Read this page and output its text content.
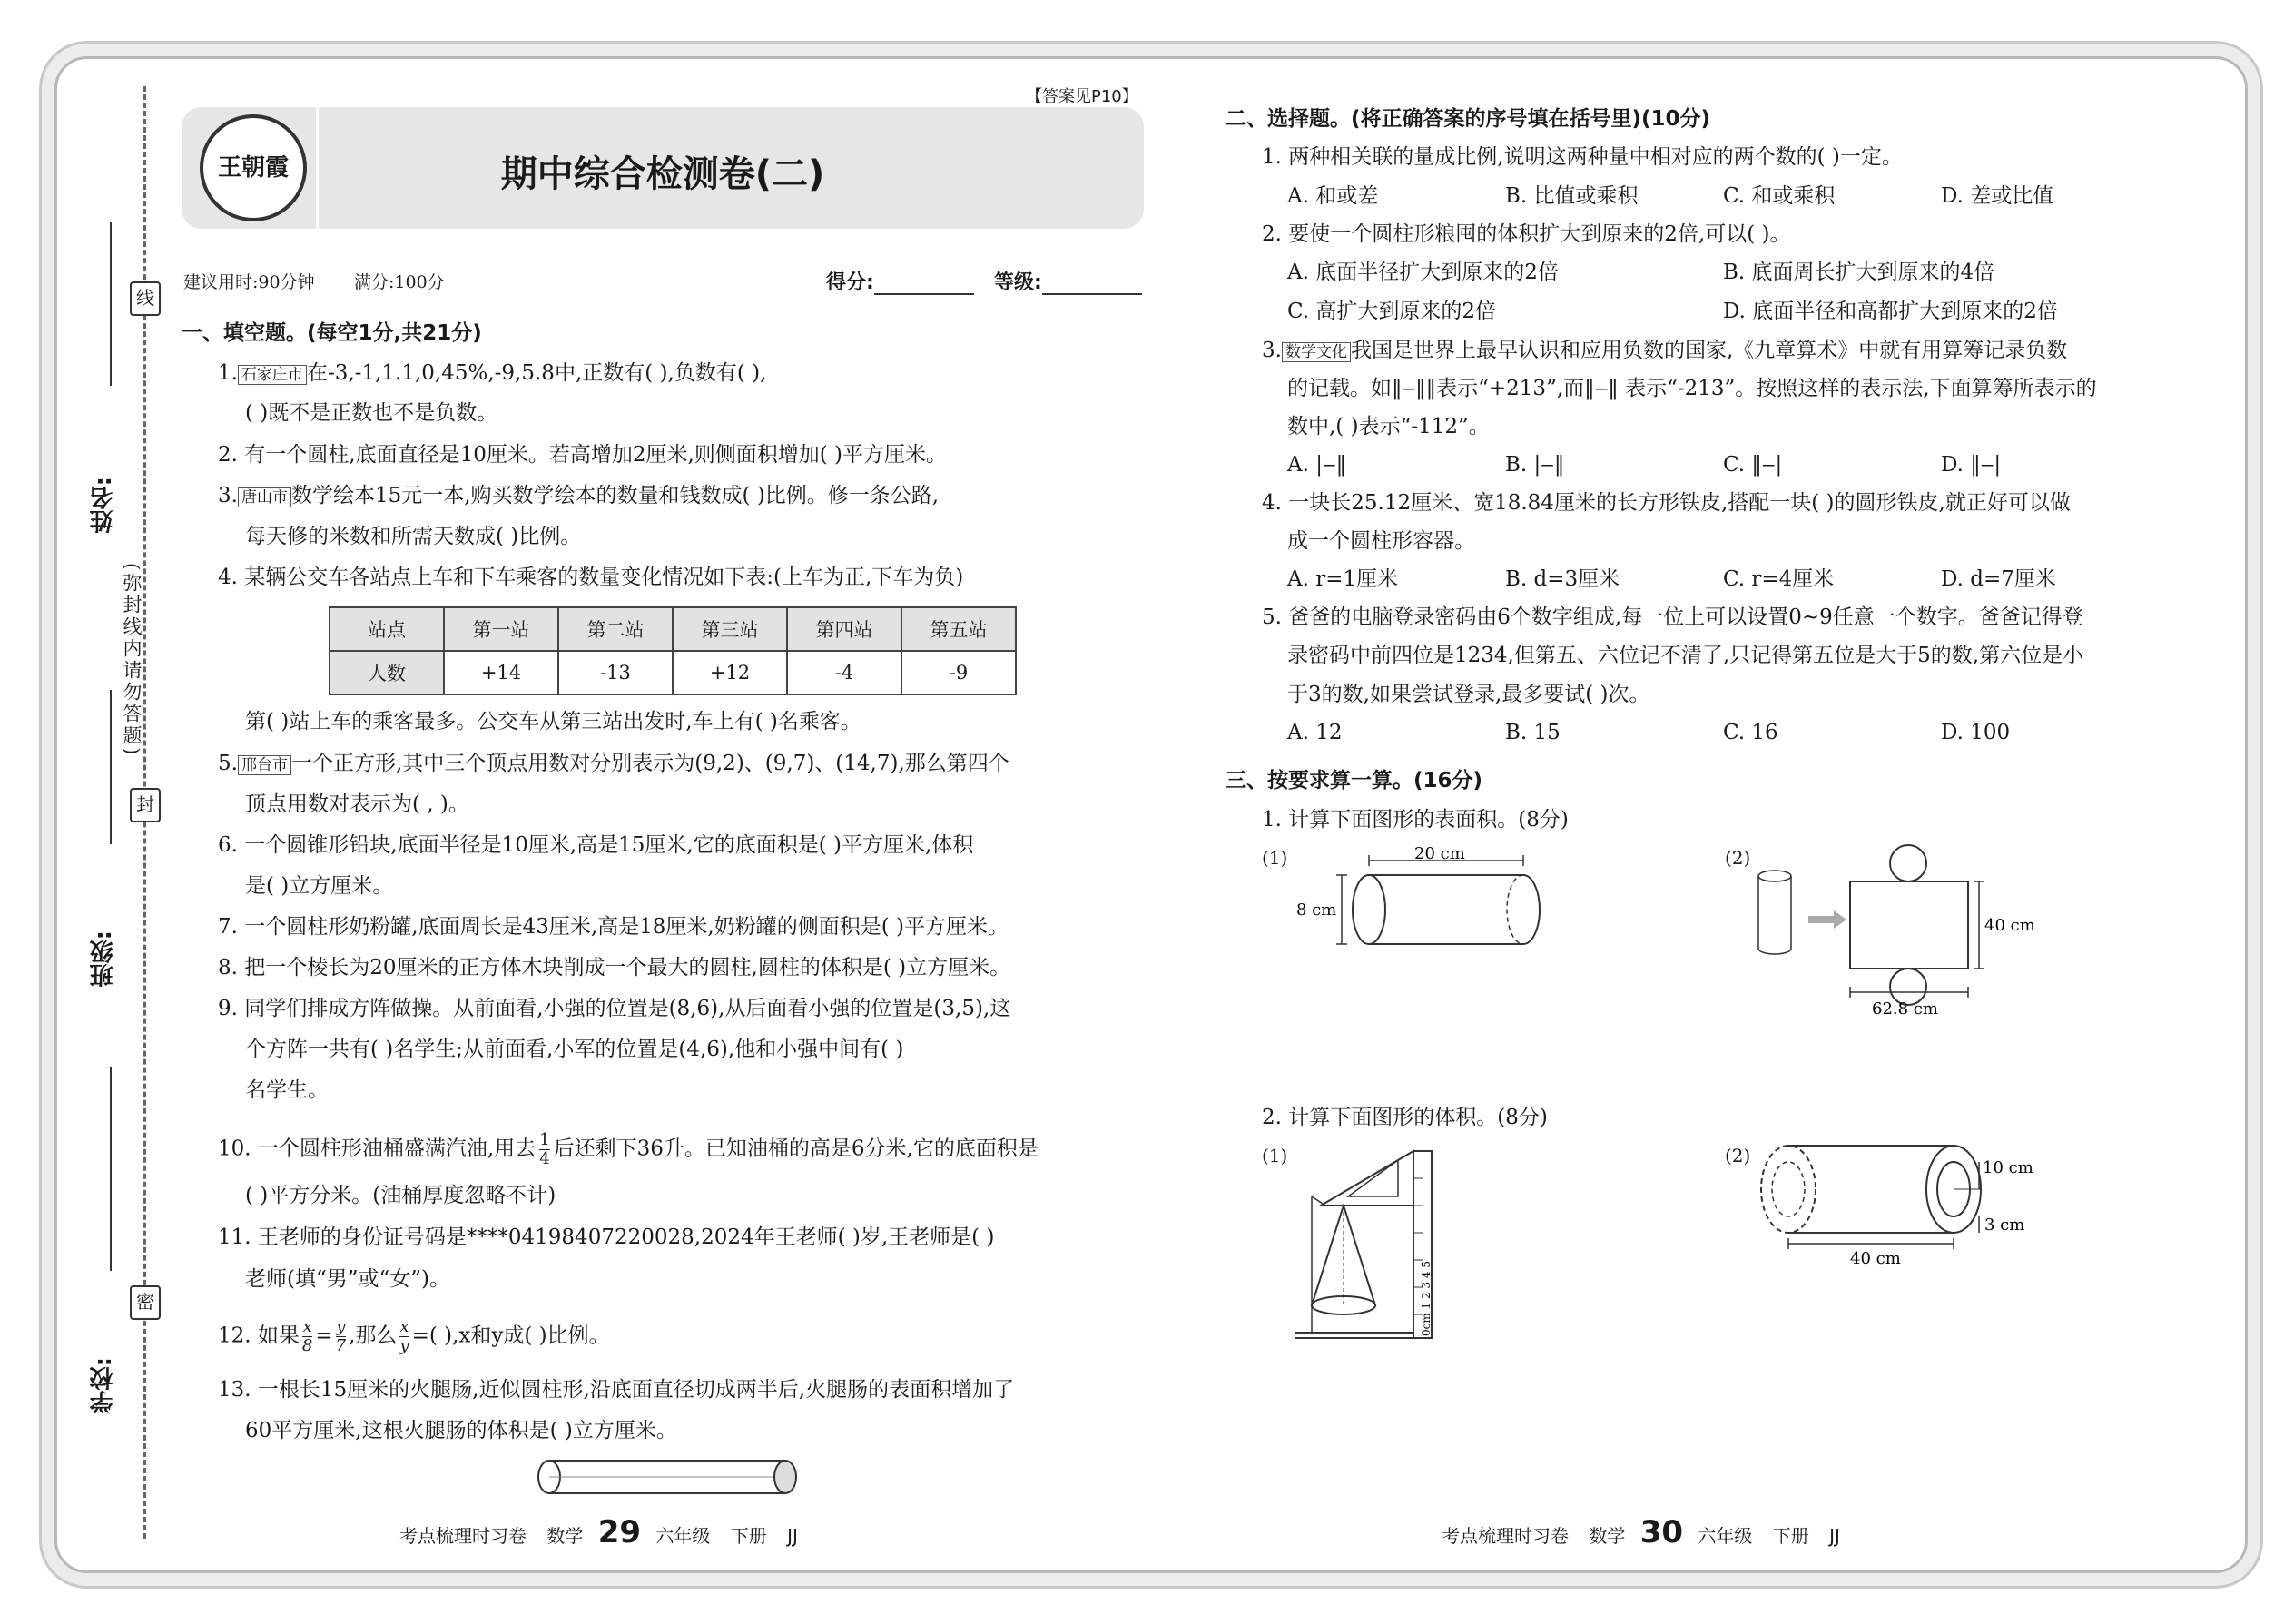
姓名:
班级:
学校:
线
封
密
(弥封线内请勿答题)
【答案见P10】
王朝霞	期中综合检测卷(二)
建议用时:90分钟 满分:100分	得分:	等级:
一、填空题。(每空1分,共21分)
1. 石家庄市 在-3,-1,1.1,0,45%,-9,5.8中,正数有( ),负数有( ),
( )既不是正数也不是负数。
2. 有一个圆柱,底面直径是10厘米。若高增加2厘米,则侧面积增加( )平方厘米。
3. 唐山市 数学绘本15元一本,购买数学绘本的数量和钱数成( )比例。修一条公路,
每天修的米数和所需天数成( )比例。
4. 某辆公交车各站点上车和下车乘客的数量变化情况如下表:(上车为正,下车为负)
站点	第一站	第二站	第三站	第四站	第五站
人数	+14	-13	+12	-4	-9
第( )站上车的乘客最多。公交车从第三站出发时,车上有( )名乘客。
5. 邢台市 一个正方形,其中三个顶点用数对分别表示为(9,2)、(9,7)、(14,7),那么第四个
顶点用数对表示为( , )。
6. 一个圆锥形铅块,底面半径是10厘米,高是15厘米,它的底面积是( )平方厘米,体积
是( )立方厘米。
7. 一个圆柱形奶粉罐,底面周长是43厘米,高是18厘米,奶粉罐的侧面积是( )平方厘米。
8. 把一个棱长为20厘米的正方体木块削成一个最大的圆柱,圆柱的体积是( )立方厘米。
9. 同学们排成方阵做操。从前面看,小强的位置是(8,6),从后面看小强的位置是(3,5),这
个方阵一共有( )名学生;从前面看,小军的位置是(4,6),他和小强中间有( )
名学生。
10. 一个圆柱形油桶盛满汽油,用去 $\frac{1}{4}$ 后还剩下36升。已知油桶的高是6分米,它的底面积是
( )平方分米。(油桶厚度忽略不计)
11. 王老师的身份证号码是****04198407220028,2024年王老师( )岁,王老师是( )
老师(填“男”或“女”)。
12. 如果 $\frac{x}{8} = \frac{y}{7}$ ,那么 $\frac{x}{y}$ =( ),x和y成( )比例。
13. 一根长15厘米的火腿肠,近似圆柱形,沿底面直径切成两半后,火腿肠的表面积增加了
60平方厘米,这根火腿肠的体积是( )立方厘米。
考点梳理时习卷 数学 29 六年级 下册 JJ
二、选择题。(将正确答案的序号填在括号里)(10分)
1. 两种相关联的量成比例,说明这两种量中相对应的两个数的( )一定。
A. 和或差	B. 比值或乘积	C. 和或乘积	D. 差或比值
2. 要使一个圆柱形粮囤的体积扩大到原来的2倍,可以( )。
A. 底面半径扩大到原来的2倍	B. 底面周长扩大到原来的4倍
C. 高扩大到原来的2倍	D. 底面半径和高都扩大到原来的2倍
3. 数学文化 我国是世界上最早认识和应用负数的国家,《九章算术》中就有用算筹记录负数
的记载。如‖‒‖‖表示“+213”,而‖‒‖ 表示“-213”。按照这样的表示法,下面算筹所表示的
数中,( )表示“-112”。
A. |‒‖	B. |‒‖	C. ‖‒|	D. ‖‒|
4. 一块长25.12厘米、宽18.84厘米的长方形铁皮,搭配一块( )的圆形铁皮,就正好可以做
成一个圆柱形容器。
A. r=1厘米	B. d=3厘米	C. r=4厘米	D. d=7厘米
5. 爸爸的电脑登录密码由6个数字组成,每一位上可以设置0~9任意一个数字。爸爸记得登
录密码中前四位是1234,但第五、六位记不清了,只记得第五位是大于5的数,第六位是小
于3的数,如果尝试登录,最多要试( )次。
A. 12	B. 15	C. 16	D. 100
三、按要求算一算。(16分)
1. 计算下面图形的表面积。(8分)
(1)	(2)
20 cm
8 cm
40 cm
62.8 cm
2. 计算下面图形的体积。(8分)
(1)	(2)
0cm 1 2 3 4 5
10 cm
3 cm
40 cm
考点梳理时习卷 数学 30 六年级 下册 JJ
